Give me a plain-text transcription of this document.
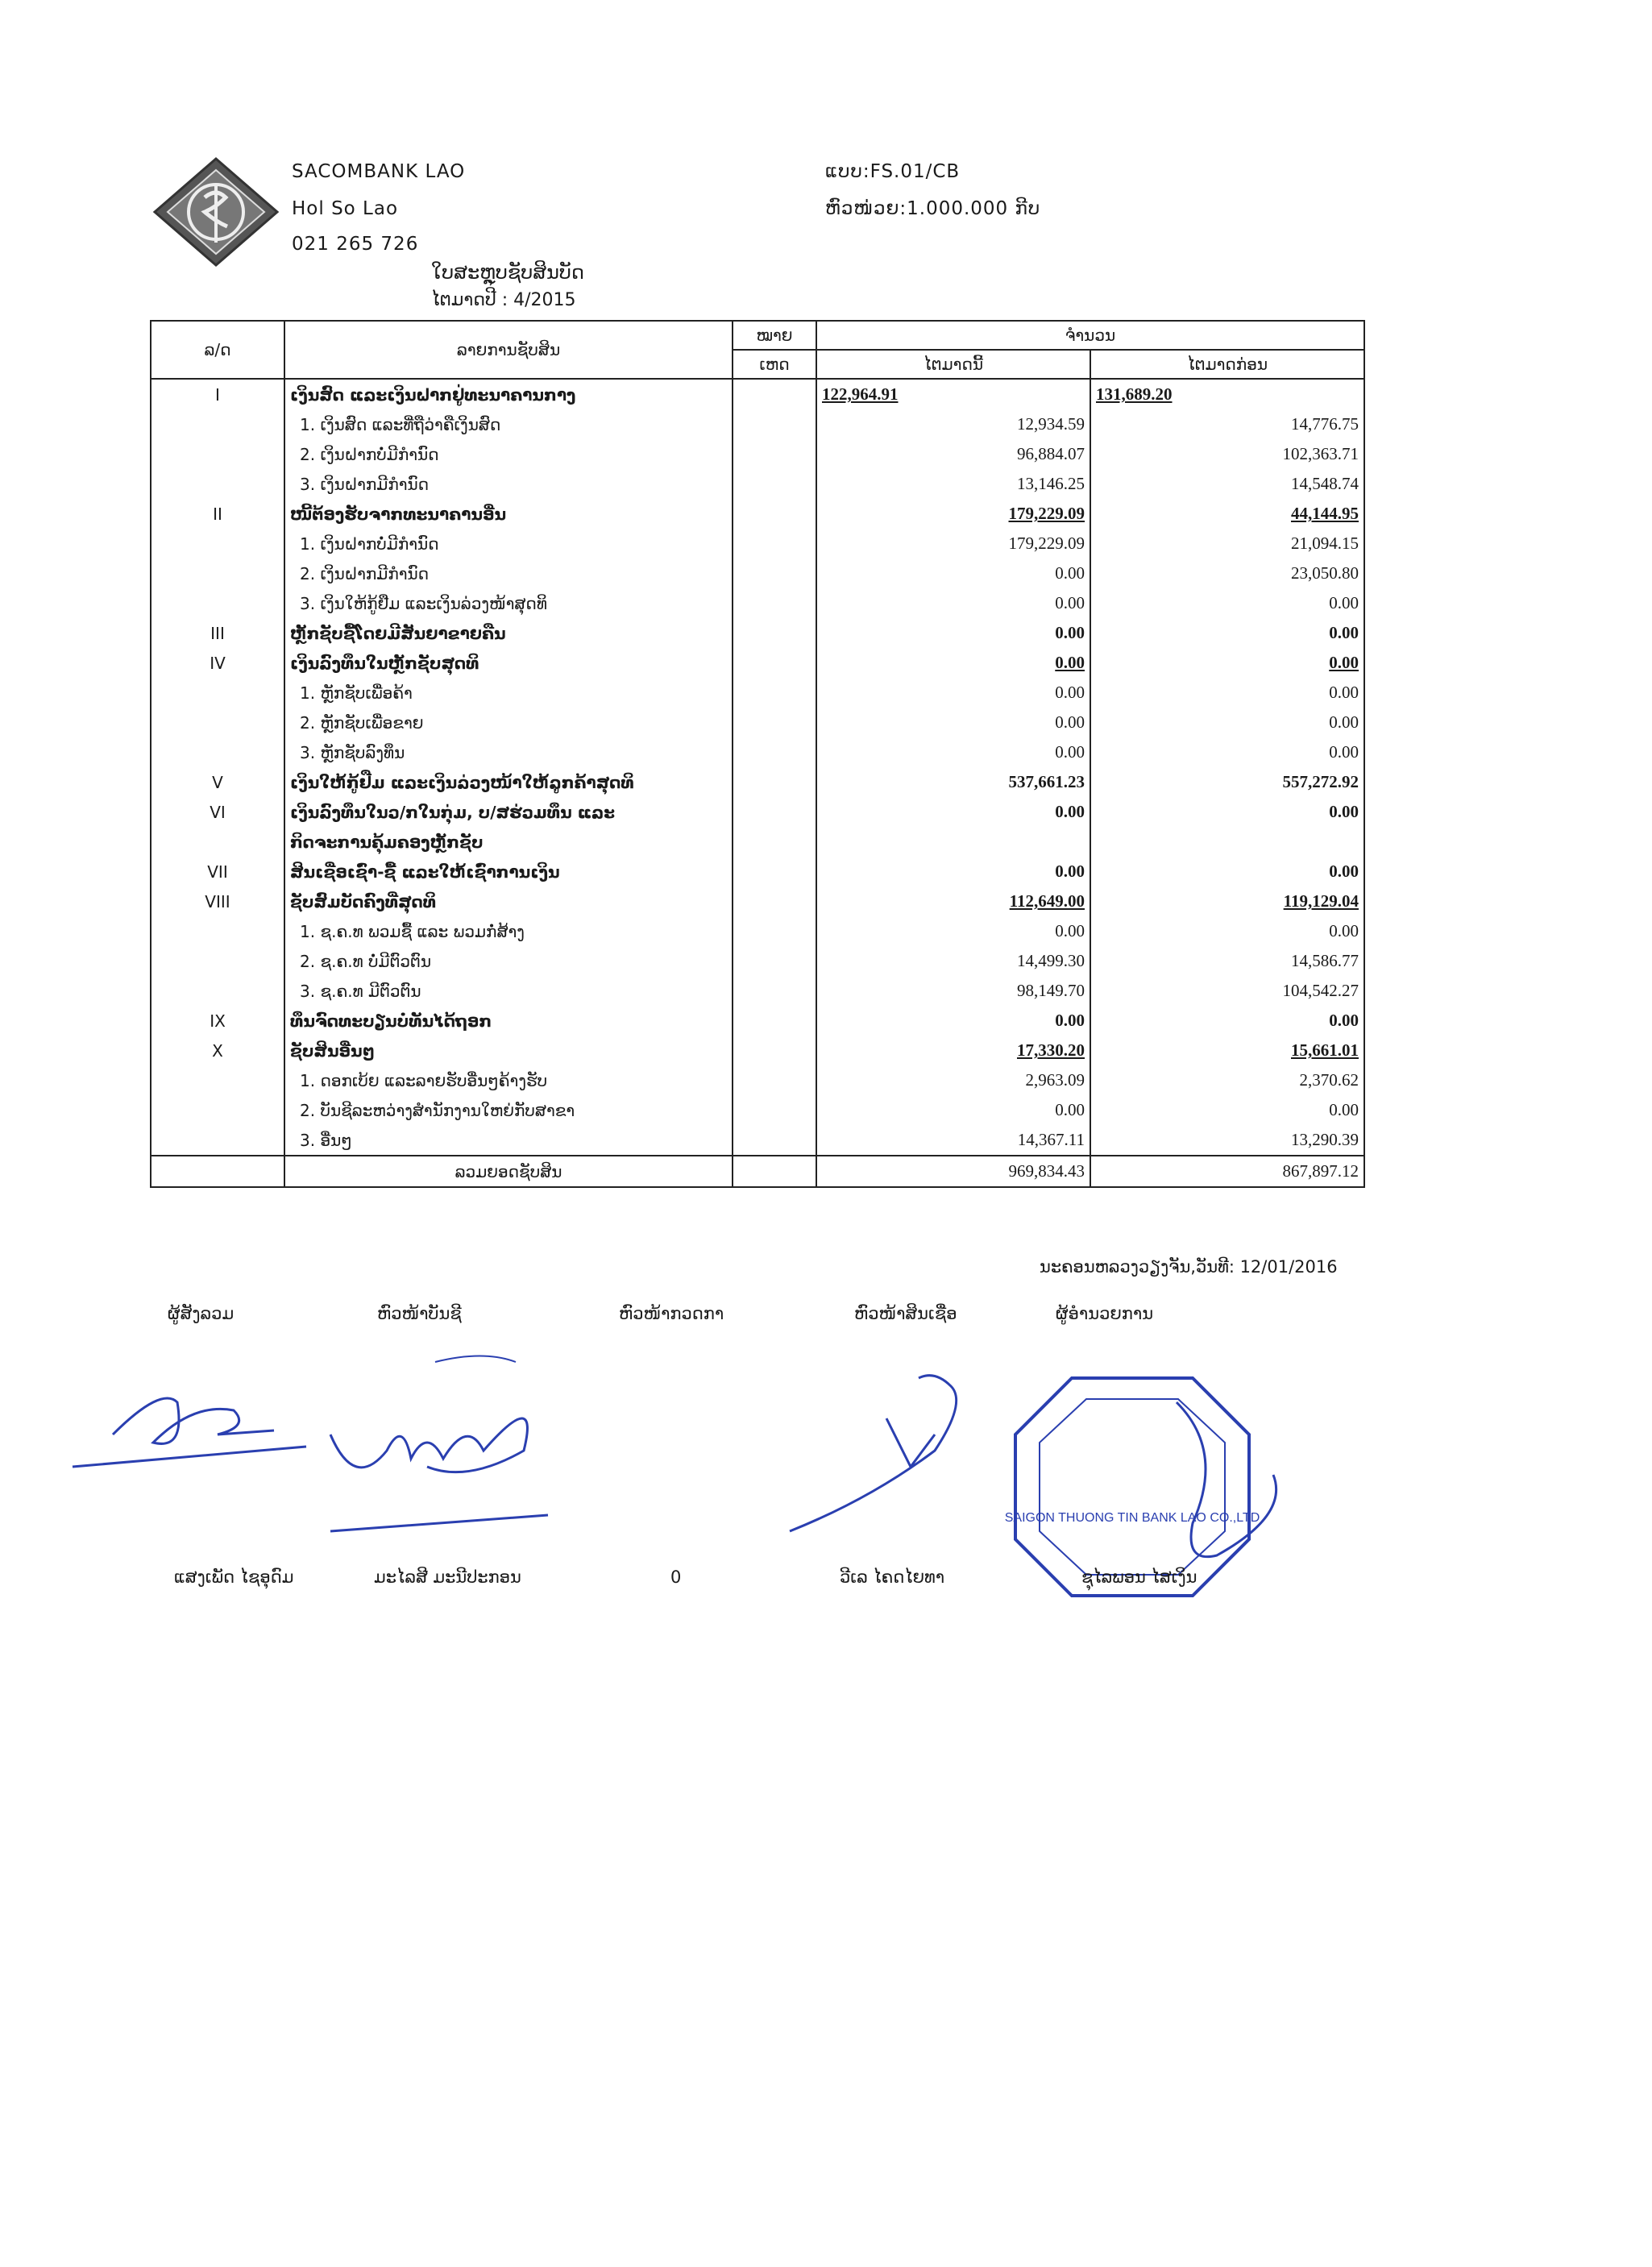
SACOMBANK LAO
Hol So Lao
021 265 726
ແບບ:FS.01/CB
ຫົວໜ່ວຍ:1.000.000 ກີບ
ໃບສະຫຼຸບຊັບສິນບັດ
ໄຕມາດປີ : 4/2015
ລ/ດ	ລາຍການຊັບສິນ	ໝາຍ	ຈຳນວນ	
		ເຫດ	ໄຕມາດນີ້	ໄຕມາດກ່ອນ
I	ເງິນສົດ ແລະເງິນຝາກຢູ່ທະນາຄານກາງ		122,964.91	131,689.20
	1. ເງິນສົດ ແລະທີ່ຖືວ່າຄືເງິນສົດ		12,934.59	14,776.75
	2. ເງິນຝາກບໍ່ມີກຳນົດ		96,884.07	102,363.71
	3. ເງິນຝາກມີກຳນົດ		13,146.25	14,548.74
II	ໜີ້ຕ້ອງຮັບຈາກທະນາຄານອື່ນ		179,229.09	44,144.95
	1. ເງິນຝາກບໍ່ມີກຳນົດ		179,229.09	21,094.15
	2. ເງິນຝາກມີກຳນົດ		0.00	23,050.80
	3. ເງິນໃຫ້ກູ້ຢືມ ແລະເງິນລ່ວງໜ້າສຸດທິ		0.00	0.00
III	ຫຼັກຊັບຊື້ໂດຍມີສັນຍາຂາຍຄືນ		0.00	0.00
IV	ເງິນລົງທຶນໃນຫຼັກຊັບສຸດທິ		0.00	0.00
	1. ຫຼັກຊັບເພື່ອຄ້າ		0.00	0.00
	2. ຫຼັກຊັບເພື່ອຂາຍ		0.00	0.00
	3. ຫຼັກຊັບລົງທຶນ		0.00	0.00
V	ເງິນໃຫ້ກູ້ຢືມ ແລະເງິນລ່ວງໜ້າໃຫ້ລູກຄ້າສຸດທິ		537,661.23	557,272.92
VI	ເງິນລົງທຶນໃນວ/ກໃນກຸ່ມ, ບ/ສຮ່ວມທຶນ ແລະ		0.00	0.00
	ກິດຈະການຄຸ້ມຄອງຫຼັກຊັບ			
VII	ສິນເຊື່ອເຊົ່າ-ຊື້ ແລະໃຫ້ເຊົ່າການເງິນ		0.00	0.00
VIII	ຊັບສົມບັດຄົງທີ່ສຸດທິ		112,649.00	119,129.04
	1. ຊ.ຄ.ທ ພວມຊື້ ແລະ ພວມກໍ່ສ້າງ		0.00	0.00
	2. ຊ.ຄ.ທ ບໍ່ມີຕົວຕົນ		14,499.30	14,586.77
	3. ຊ.ຄ.ທ ມີຕົວຕົນ		98,149.70	104,542.27
IX	ທຶນຈົດທະບຽນບໍ່ທັນໄດ້ຖອກ		0.00	0.00
X	ຊັບສິນອື່ນໆ		17,330.20	15,661.01
	1. ດອກເບ້ຍ ແລະລາຍຮັບອື່ນໆຄ້າງຮັບ		2,963.09	2,370.62
	2. ບັນຊີລະຫວ່າງສຳນັກງານໃຫຍ່ກັບສາຂາ		0.00	0.00
	3. ອື່ນໆ		14,367.11	13,290.39
	ລວມຍອດຊັບສິນ		969,834.43	867,897.12
ນະຄອນຫລວງວຽງຈັນ,ວັນທີ: 12/01/2016
ຜູ້ສັງລວມ	ຫົວໜ້າບັນຊີ	ຫົວໜ້າກວດກາ	ຫົວໜ້າສິນເຊື່ອ	ຜູ້ອຳນວຍການ
SAIGON THUONG TIN BANK LAO CO.,LTD
ແສງເພັດ ໄຊອຸດົມ	ມະໄລສີ ມະນີປະກອນ	0	ວີເລ ໄຄດໄຍທາ	ຊຸໄລພອນ ໄສເງິນ
